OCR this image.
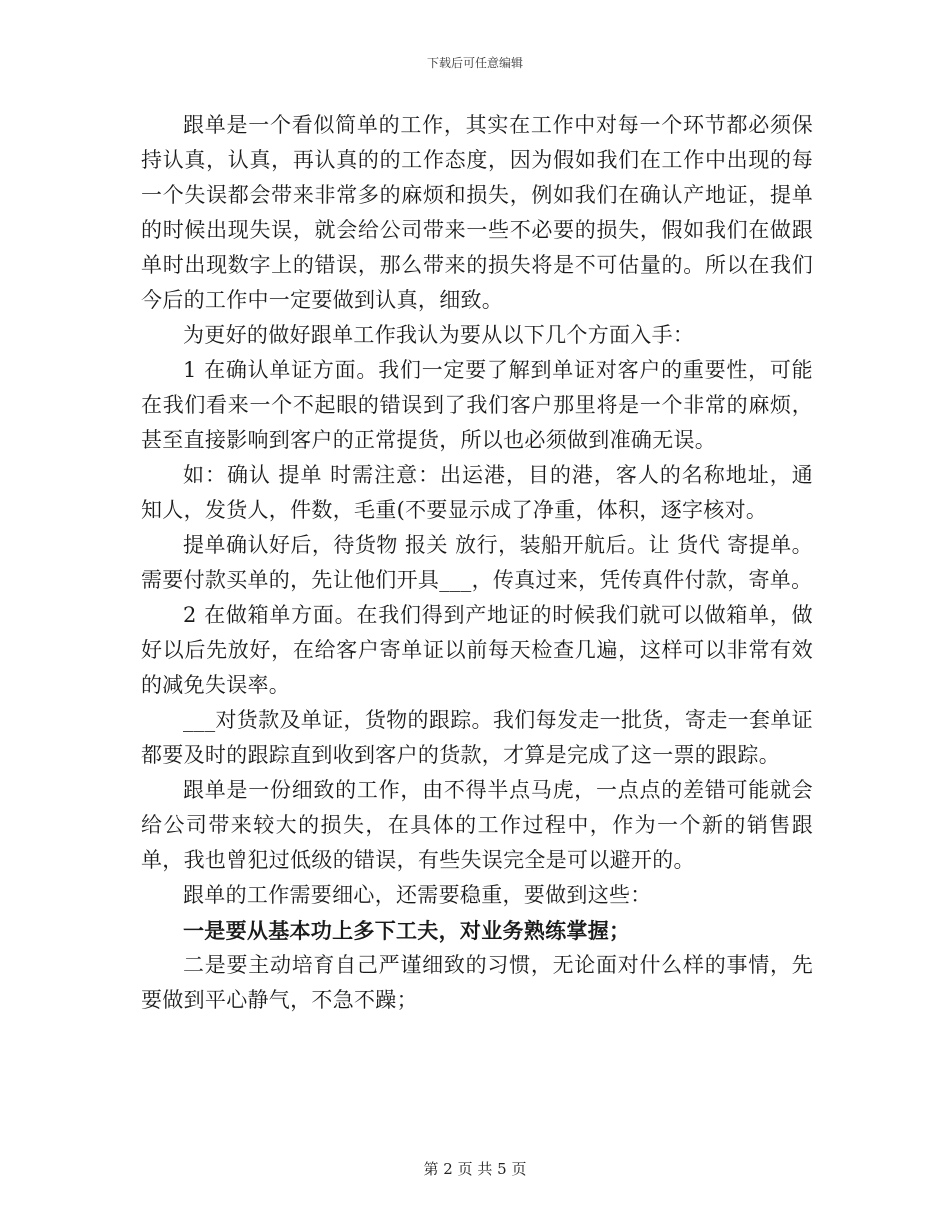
下载后可任意编辑

跟单是一个看似简单的工作，其实在工作中对每一个环节都必须保持认真，认真，再认真的的工作态度，因为假如我们在工作中出现的每一个失误都会带来非常多的麻烦和损失，例如我们在确认产地证，提单 的时候出现失误，就会给公司带来一些不必要的损失，假如我们在做跟单时出现数字上的错误，那么带来的损失将是不可估量的。所以在我们今后的工作中一定要做到认真，细致。

为更好的做好跟单工作我认为要从以下几个方面入手：

1 在确认单证方面。我们一定要了解到单证对客户的重要性，可能在我们看来一个不起眼的错误到了我们客户那里将是一个非常的麻烦，甚至直接影响到客户的正常提货，所以也必须做到准确无误。

如：确认 提单 时需注意：出运港，目的港，客人的名称地址，通知人，发货人，件数，毛重(不要显示成了净重，体积，逐字核对。

提单确认好后，待货物 报关 放行，装船开航后。让 货代 寄提单。需要付款买单的，先让他们开具___，传真过来，凭传真件付款，寄单。

2 在做箱单方面。在我们得到产地证的时候我们就可以做箱单，做好以后先放好，在给客户寄单证以前每天检查几遍，这样可以非常有效的减免失误率。

___对货款及单证，货物的跟踪。我们每发走一批货，寄走一套单证都要及时的跟踪直到收到客户的货款，才算是完成了这一票的跟踪。

跟单是一份细致的工作，由不得半点马虎，一点点的差错可能就会给公司带来较大的损失，在具体的工作过程中，作为一个新的销售跟单，我也曾犯过低级的错误，有些失误完全是可以避开的。

跟单的工作需要细心，还需要稳重，要做到这些：

一是要从基本功上多下工夫，对业务熟练掌握；

二是要主动培育自己严谨细致的习惯，无论面对什么样的事情，先要做到平心静气，不急不躁；

第 2 页 共 5 页
